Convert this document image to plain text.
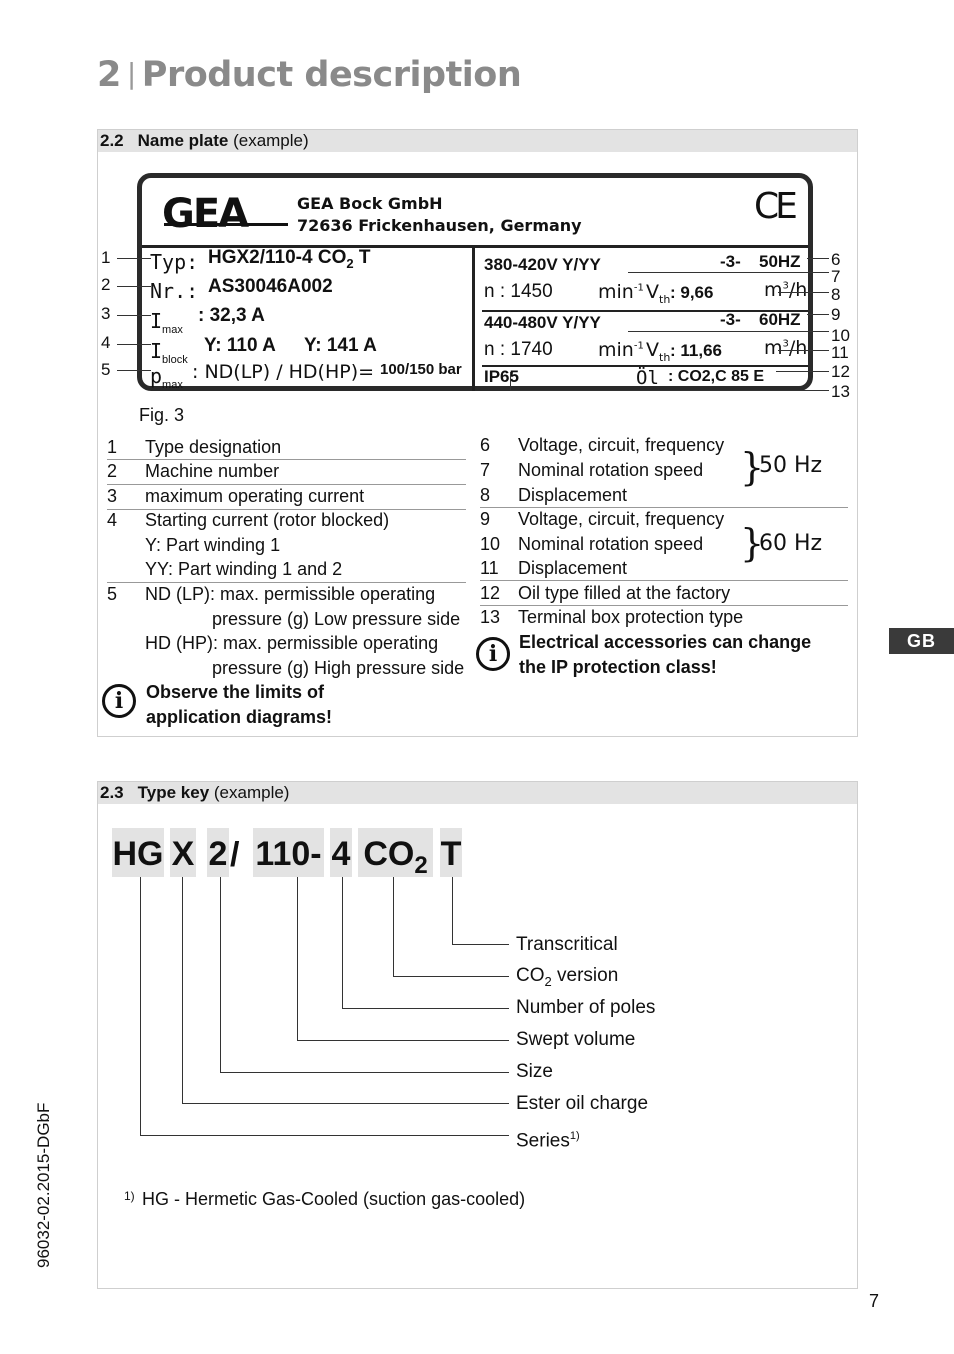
2 | Product description
2.2 Name plate (example)
GEA	GEA Bock GmbH
72636 Frickenhausen, Germany	CE
Typ: HGX2/110-4 $CO_2$ T
Nr.: AS30046A002
$I_{max}$
: 32,3 A
$I_{block}$
Y: 110 A Y: 141 A
$p_{max}$
: ND(LP) / HD(HP)= 100/150 bar
380-420V Y/YY	-3- 50HZ
n : 1450 $\min^{-1} V_{th}$ : 9,66	$m^3/h$
440-480V Y/YY	-3- 60HZ
n : 1740 $\min^{-1} V_{th}$ : 11,66 $m^3/h$
IP65	Öl : CO2,C 85 E
1
2
3
4
5
6
7
8
9
10
11
12
13
Fig. 3
1 Type designation
2 Machine number
3 maximum operating current
4 Starting current (rotor blocked)
Y: Part winding 1
YY: Part winding 1 and 2
5 ND (LP): max. permissible operating
pressure (g) Low pressure side
HD (HP): max. permissible operating
pressure (g) High pressure side
i	Observe the limits of
application diagrams!
6 Voltage, circuit, frequency
7 Nominal rotation speed
8 Displacement
9 Voltage, circuit, frequency
10 Nominal rotation speed
11 Displacement
12 Oil type filled at the factory
13 Terminal box protection type
}
50 Hz
}
60 Hz
i	Electrical accessories can change
the IP protection class!
GB
2.3 Type key (example)
HG X 2 / 110- 4 $CO_2$ T
Transcritical
$CO_2$ version
Number of poles
Swept volume
Size
Ester oil charge
Series$^{1)}$
1) HG - Hermetic Gas-Cooled (suction gas-cooled)
96032-02.2015-DGbF
7
